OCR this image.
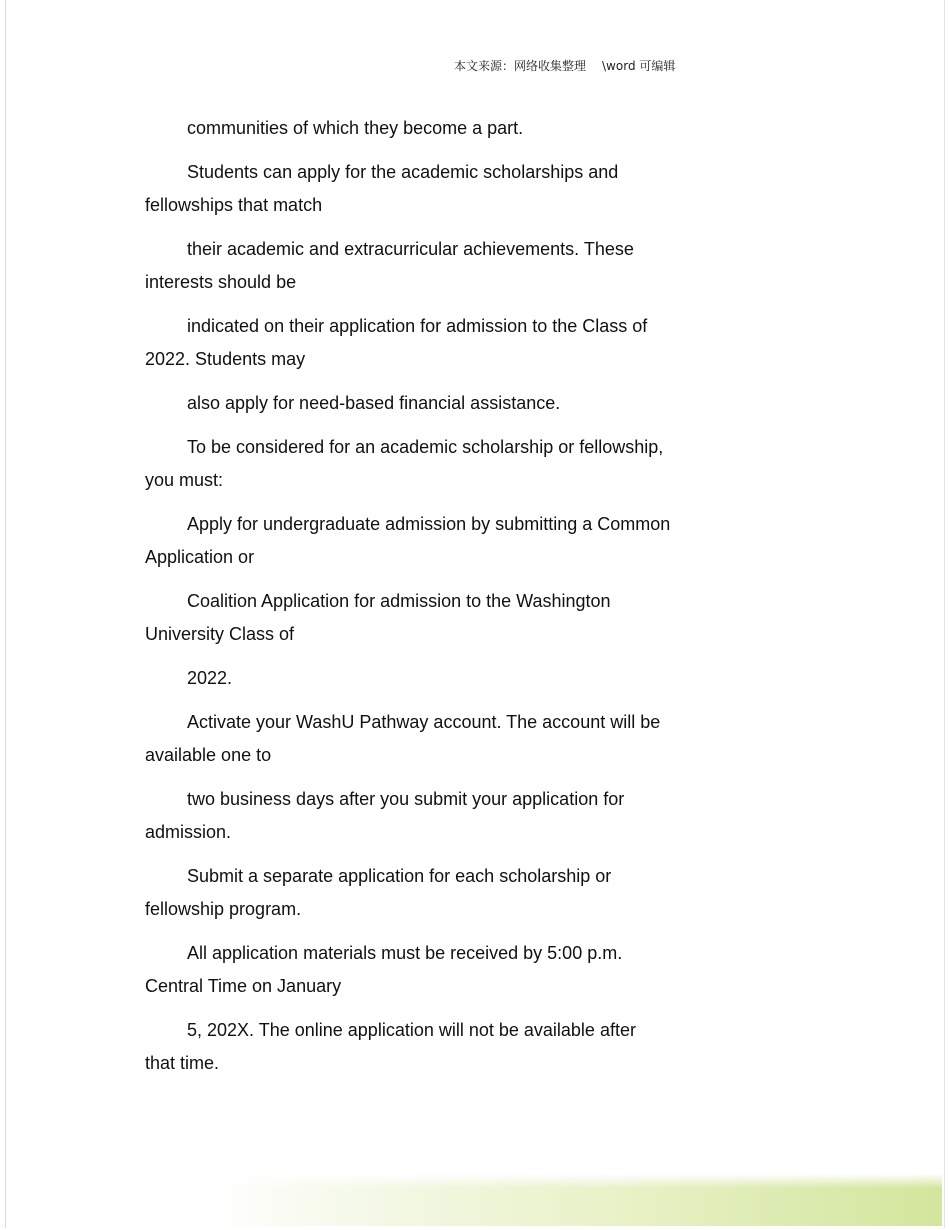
本文来源：网络收集整理 \word 可编辑

communities of which they become a part.

Students can apply for the academic scholarships and
fellowships that match

their academic and extracurricular achievements. These
interests should be

indicated on their application for admission to the Class of
2022. Students may

also apply for need-based financial assistance.

To be considered for an academic scholarship or fellowship,
you must:

Apply for undergraduate admission by submitting a Common
Application or

Coalition Application for admission to the Washington
University Class of

2022.

Activate your WashU Pathway account. The account will be
available one to

two business days after you submit your application for
admission.

Submit a separate application for each scholarship or
fellowship program.

All application materials must be received by 5:00 p.m.
Central Time on January

5, 202X. The online application will not be available after
that time.
